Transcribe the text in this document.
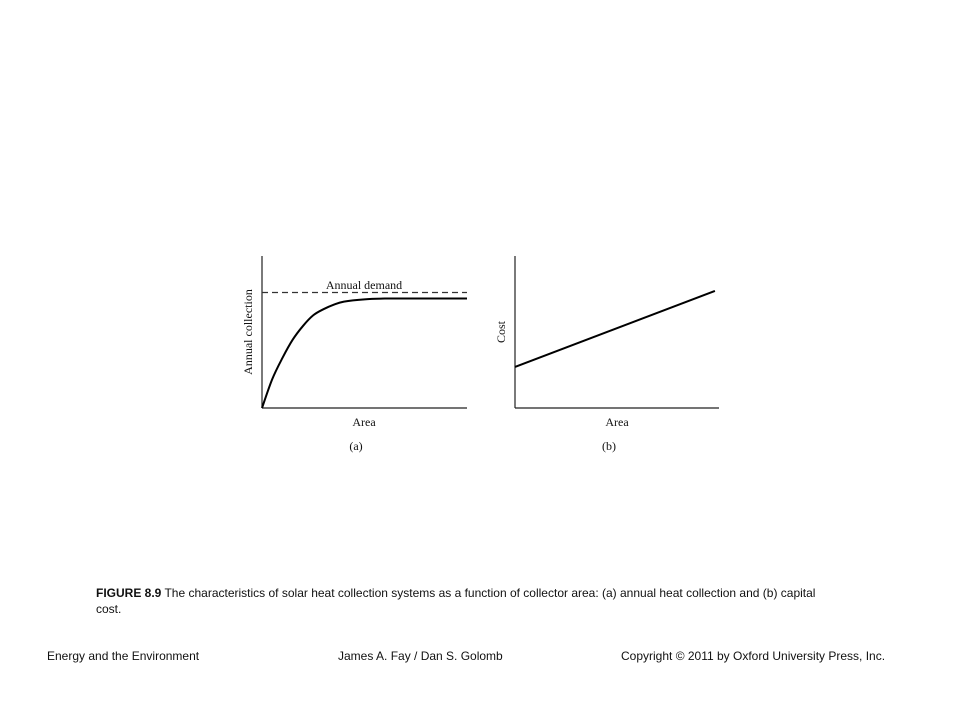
Annual demand
Annual collection
Area
(a)
Cost
Area
(b)
FIGURE 8.9 The characteristics of solar heat collection systems as a function of collector area: (a) annual heat collection and (b) capital cost.
Energy and the Environment	James A. Fay / Dan S. Golomb	Copyright © 2011 by Oxford University Press, Inc.
